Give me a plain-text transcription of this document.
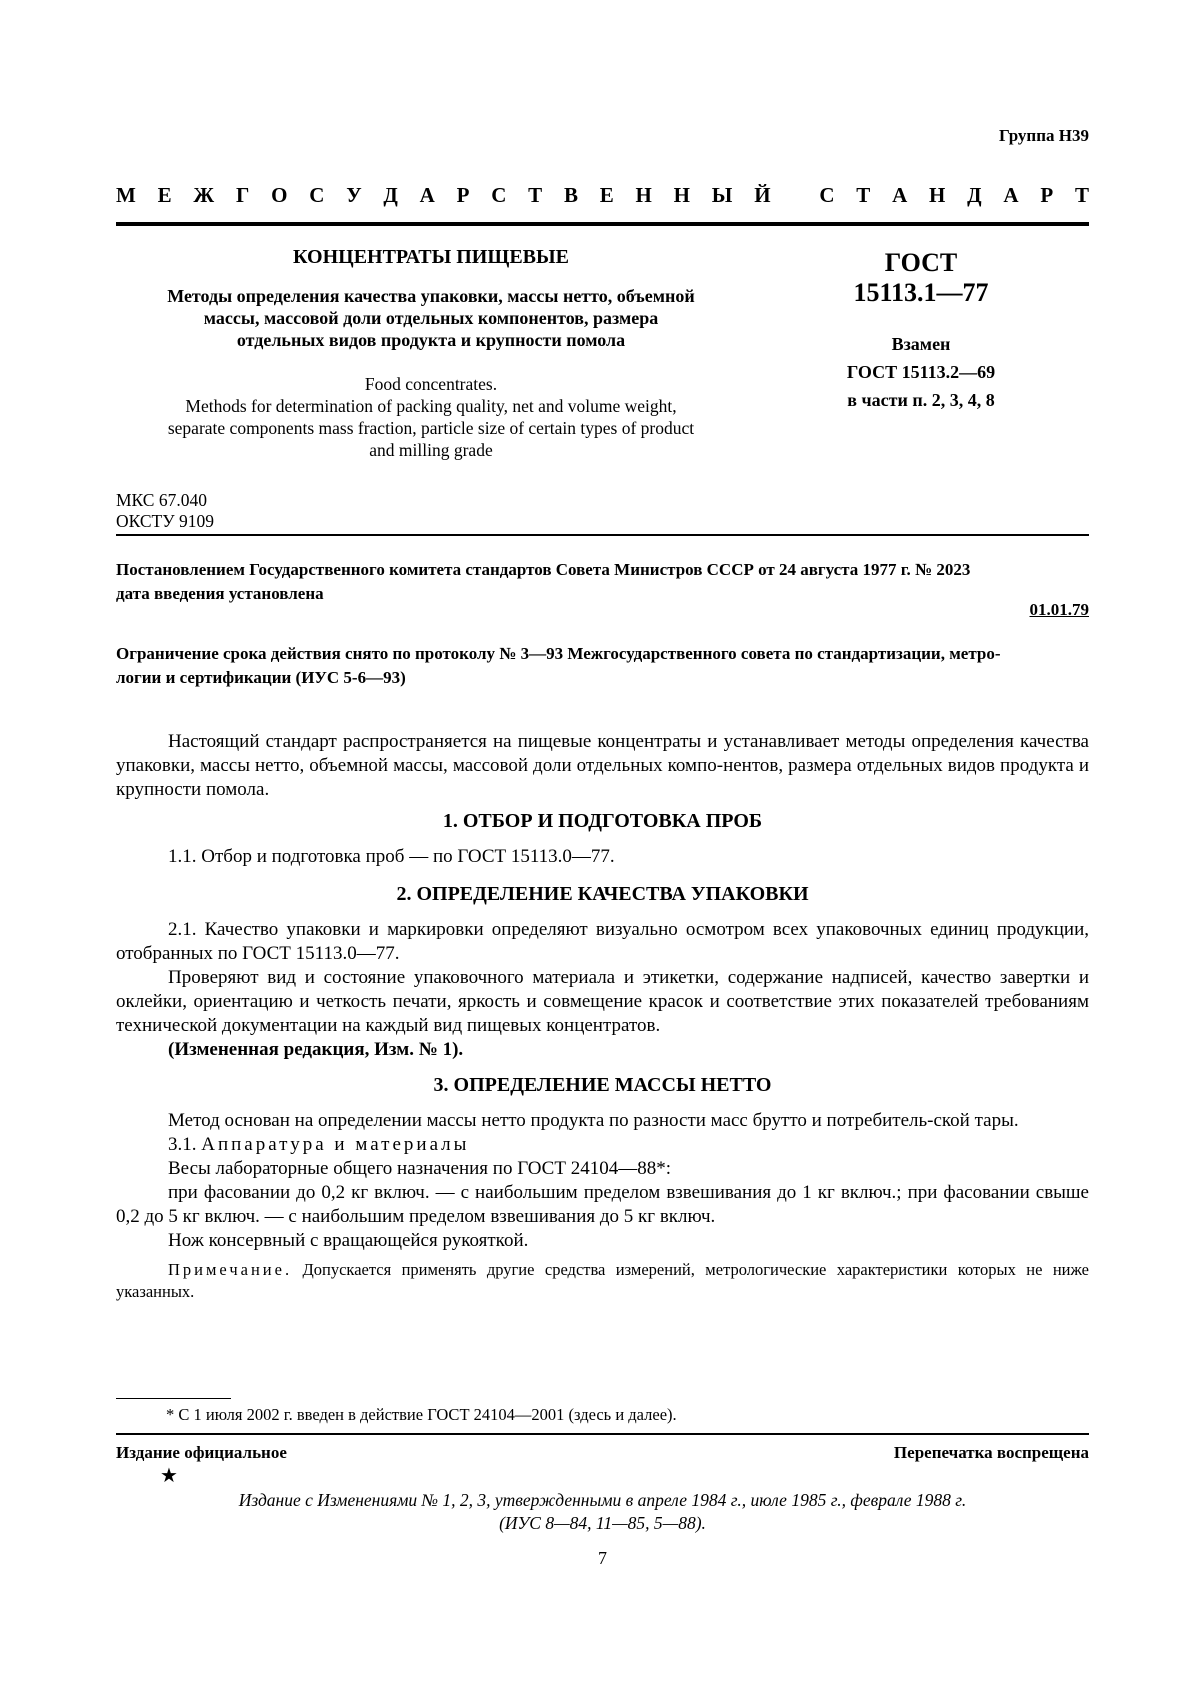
Группа Н39
М Е Ж Г О С У Д А Р С Т В Е Н Н Ы Й
С Т А Н Д А Р Т
КОНЦЕНТРАТЫ ПИЩЕВЫЕ
Методы определения качества упаковки, массы нетто, объемной
массы, массовой доли отдельных компонентов, размера
отдельных видов продукта и крупности помола
Food concentrates.
Methods for determination of packing quality, net and volume weight,
separate components mass fraction, particle size of certain types of product
and milling grade
ГОСТ
15113.1—77
Взамен
ГОСТ 15113.2—69
в части п. 2, 3, 4, 8
МКС 67.040
ОКСТУ 9109
Постановлением Государственного комитета стандартов Совета Министров СССР от 24 августа 1977 г. № 2023
дата введения установлена
01.01.79
Ограничение срока действия снято по протоколу № 3—93 Межгосударственного совета по стандартизации, метро-
логии и сертификации (ИУС 5-6—93)

Настоящий стандарт распространяется на пищевые концентраты и устанавливает методы определения качества упаковки, массы нетто, объемной массы, массовой доли отдельных компо-нентов, размера отдельных видов продукта и крупности помола.

1. ОТБОР И ПОДГОТОВКА ПРОБ

1.1. Отбор и подготовка проб — по ГОСТ 15113.0—77.

2. ОПРЕДЕЛЕНИЕ КАЧЕСТВА УПАКОВКИ

2.1. Качество упаковки и маркировки определяют визуально осмотром всех упаковочных единиц продукции, отобранных по ГОСТ 15113.0—77.

Проверяют вид и состояние упаковочного материала и этикетки, содержание надписей, качество завертки и оклейки, ориентацию и четкость печати, яркость и совмещение красок и соответствие этих показателей требованиям технической документации на каждый вид пищевых концентратов.

(Измененная редакция, Изм. № 1).

3. ОПРЕДЕЛЕНИЕ МАССЫ НЕТТО

Метод основан на определении массы нетто продукта по разности масс брутто и потребитель-ской тары.

3.1. Аппаратура и материалы

Весы лабораторные общего назначения по ГОСТ 24104—88*:

при фасовании до 0,2 кг включ. — с наибольшим пределом взвешивания до 1 кг включ.; при фасовании свыше 0,2 до 5 кг включ. — с наибольшим пределом взвешивания до 5 кг включ.

Нож консервный с вращающейся рукояткой.

Примечание. Допускается применять другие средства измерений, метрологические характеристики которых не ниже указанных.

* С 1 июля 2002 г. введен в действие ГОСТ 24104—2001 (здесь и далее).
Издание официальное	Перепечатка воспрещена
★
Издание с Изменениями № 1, 2, 3, утвержденными в апреле 1984 г., июле 1985 г., феврале 1988 г.
(ИУС 8—84, 11—85, 5—88).
7
